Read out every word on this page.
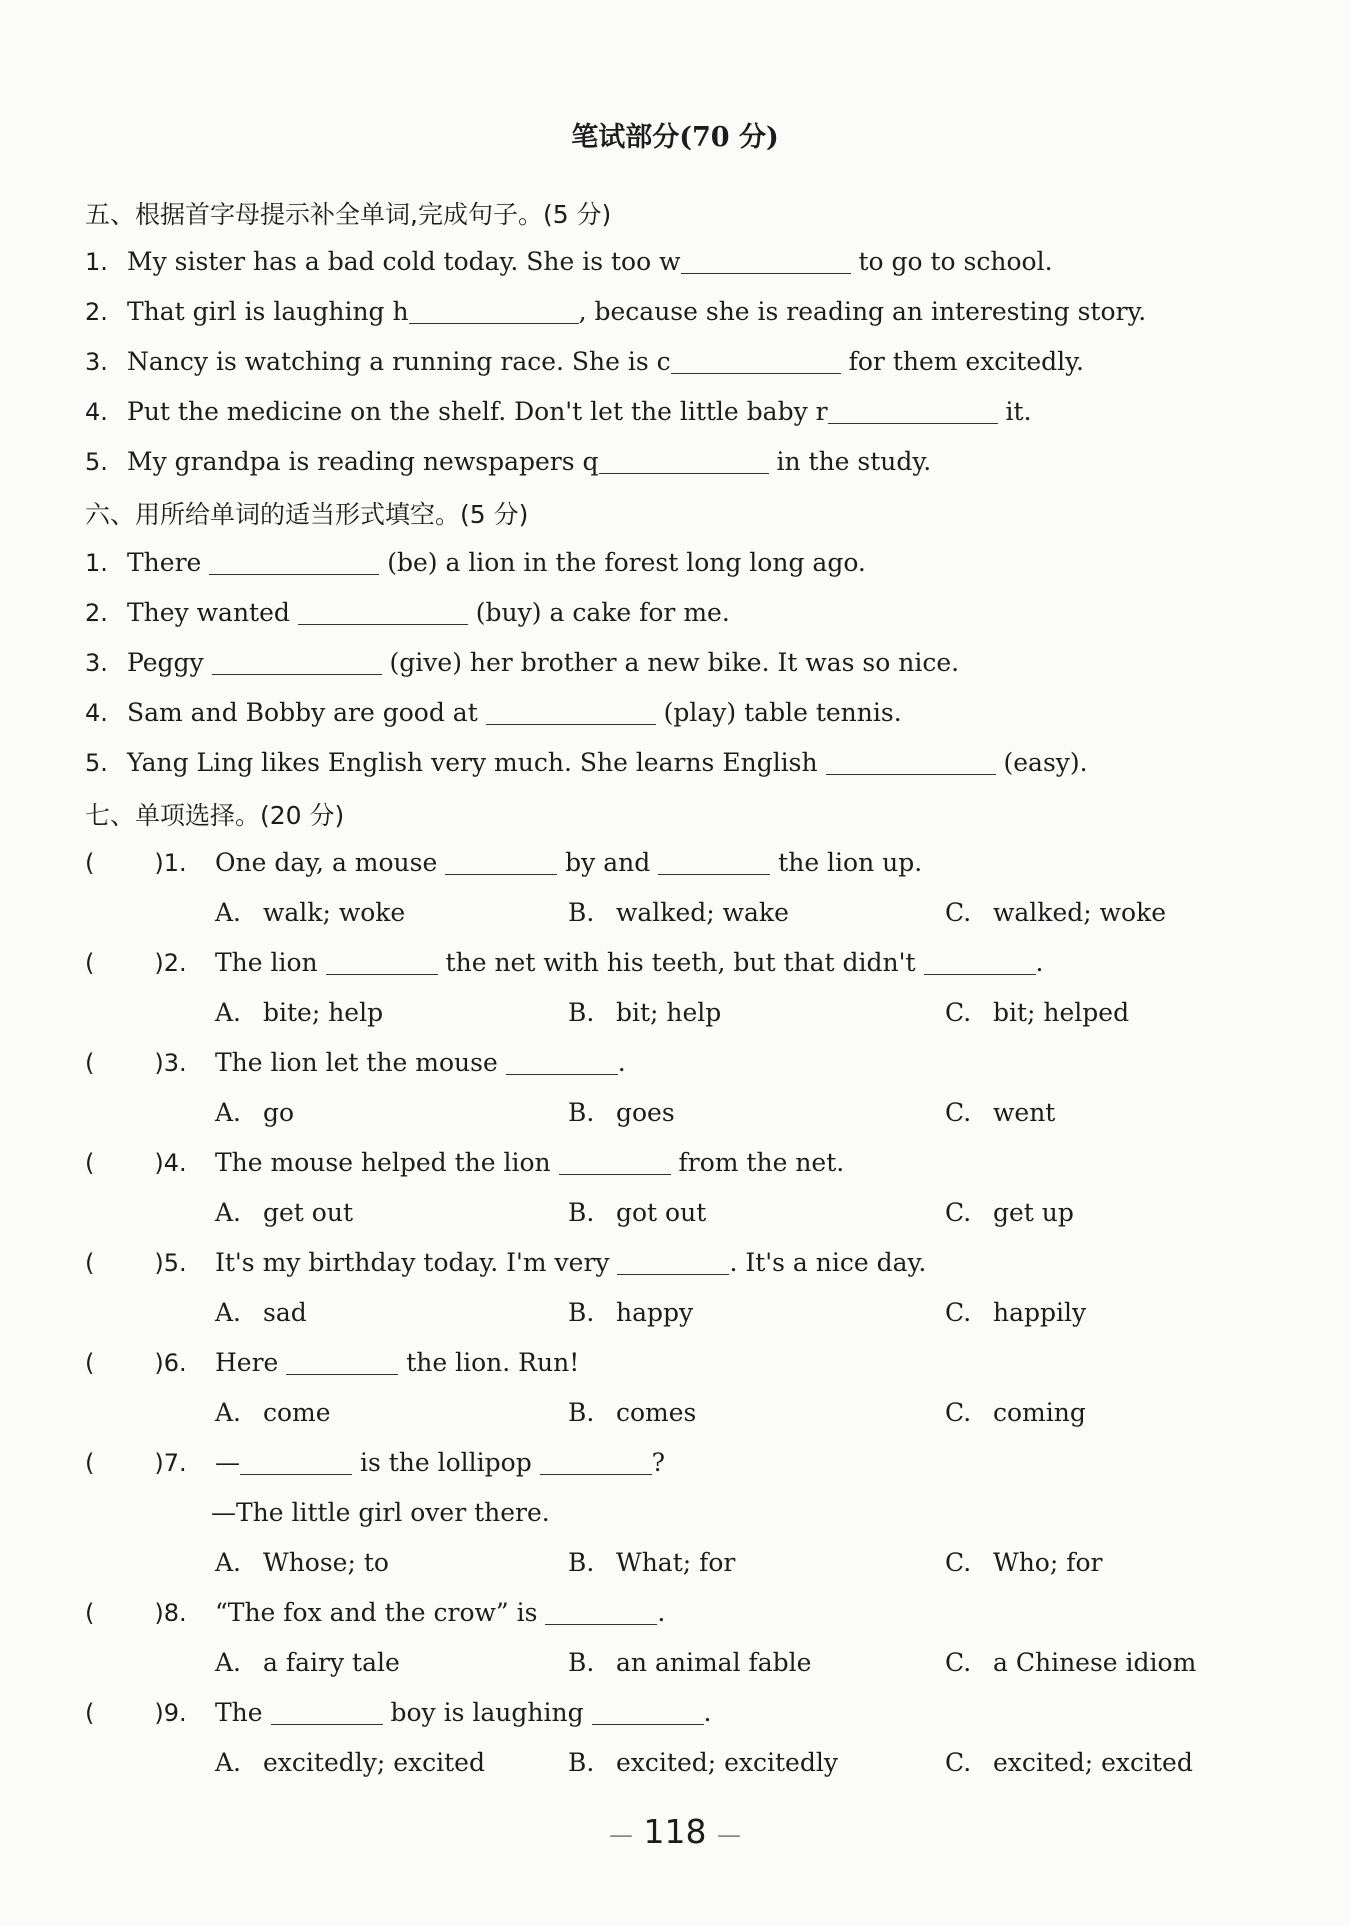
笔试部分(70 分)
五、根据首字母提示补全单词,完成句子。(5 分)
1. My sister has a bad cold today. She is too w	to go to school.
2. That girl is laughing h	, because she is reading an interesting story.
3. Nancy is watching a running race. She is c	for them excitedly.
4. Put the medicine on the shelf. Don't let the little baby r	it.
5. My grandpa is reading newspapers q	in the study.
六、用所给单词的适当形式填空。(5 分)
1. There	(be) a lion in the forest long long ago.
2. They wanted	(buy) a cake for me.
3. Peggy	(give) her brother a new bike. It was so nice.
4. Sam and Bobby are good at	(play) table tennis.
5. Yang Ling likes English very much. She learns English	(easy).
七、单项选择。(20 分)
(	)1. One day, a mouse	by and	the lion up.
A. walk; woke	B. walked; wake	C. walked; woke
(	)2. The lion	the net with his teeth, but that didn't	.
A. bite; help	B. bit; help	C. bit; helped
(	)3. The lion let the mouse	.
A. go	B. goes	C. went
(	)4. The mouse helped the lion	from the net.
A. get out	B. got out	C. get up
(	)5. It's my birthday today. I'm very	. It's a nice day.
A. sad	B. happy	C. happily
(	)6. Here	the lion. Run!
A. come	B. comes	C. coming
(	)7. —	is the lollipop	?
—The little girl over there.
A. Whose; to	B. What; for	C. Who; for
(	)8. “The fox and the crow” is	.
A. a fairy tale	B. an animal fable	C. a Chinese idiom
(	)9. The	boy is laughing	.
A. excitedly; excited	B. excited; excitedly	C. excited; excited
— 118 —
